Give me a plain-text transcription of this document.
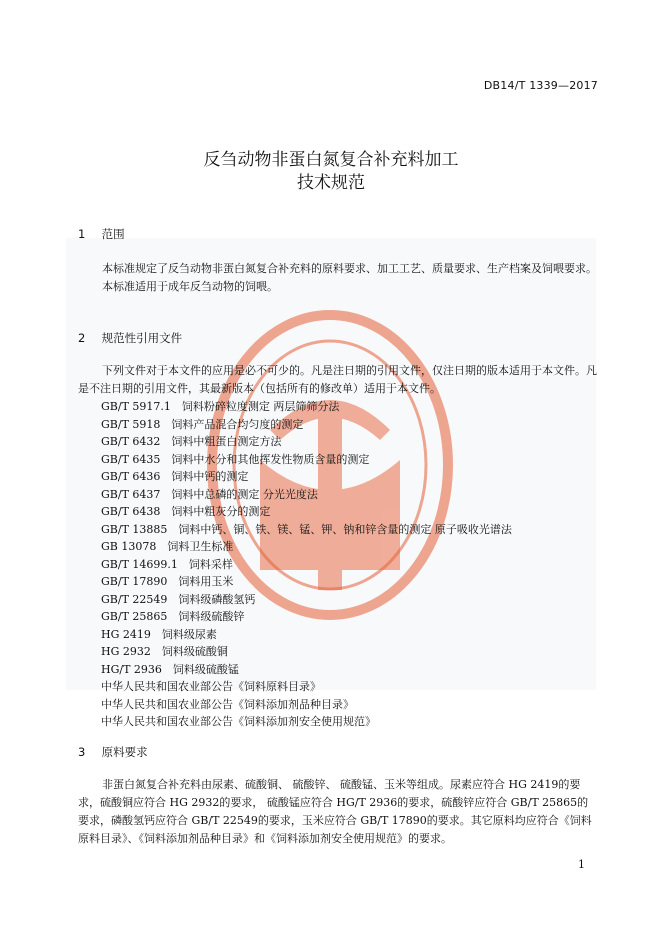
DB14/T 1339—2017
反刍动物非蛋白氮复合补充料加工
技术规范
1 范围

本标准规定了反刍动物非蛋白氮复合补充料的原料要求、加工工艺、质量要求、生产档案及饲喂要求。

本标准适用于成年反刍动物的饲喂。

2 规范性引用文件

下列文件对于本文件的应用是必不可少的。凡是注日期的引用文件，仅注日期的版本适用于本文件。凡是不注日期的引用文件，其最新版本（包括所有的修改单）适用于本文件。

GB/T 5917.1　饲料粉碎粒度测定 两层筛筛分法
GB/T 5918　饲料产品混合均匀度的测定
GB/T 6432　饲料中粗蛋白测定方法
GB/T 6435　饲料中水分和其他挥发性物质含量的测定
GB/T 6436　饲料中钙的测定
GB/T 6437　饲料中总磷的测定 分光光度法
GB/T 6438　饲料中粗灰分的测定
GB/T 13885　饲料中钙、铜、铁、镁、锰、钾、钠和锌含量的测定 原子吸收光谱法
GB 13078　饲料卫生标准
GB/T 14699.1　饲料采样
GB/T 17890　饲料用玉米
GB/T 22549　饲料级磷酸氢钙
GB/T 25865　饲料级硫酸锌
HG 2419　饲料级尿素
HG 2932　饲料级硫酸铜
HG/T 2936　饲料级硫酸锰
中华人民共和国农业部公告《饲料原料目录》
中华人民共和国农业部公告《饲料添加剂品种目录》
中华人民共和国农业部公告《饲料添加剂安全使用规范》
3 原料要求

非蛋白氮复合补充料由尿素、硫酸铜、 硫酸锌、 硫酸锰、玉米等组成。尿素应符合 HG 2419的要求，硫酸铜应符合 HG 2932的要求， 硫酸锰应符合 HG/T 2936的要求，硫酸锌应符合 GB/T 25865的要求，磷酸氢钙应符合 GB/T 22549的要求，玉米应符合 GB/T 17890的要求。其它原料均应符合《饲料原料目录》、《饲料添加剂品种目录》和《饲料添加剂安全使用规范》的要求。

1
